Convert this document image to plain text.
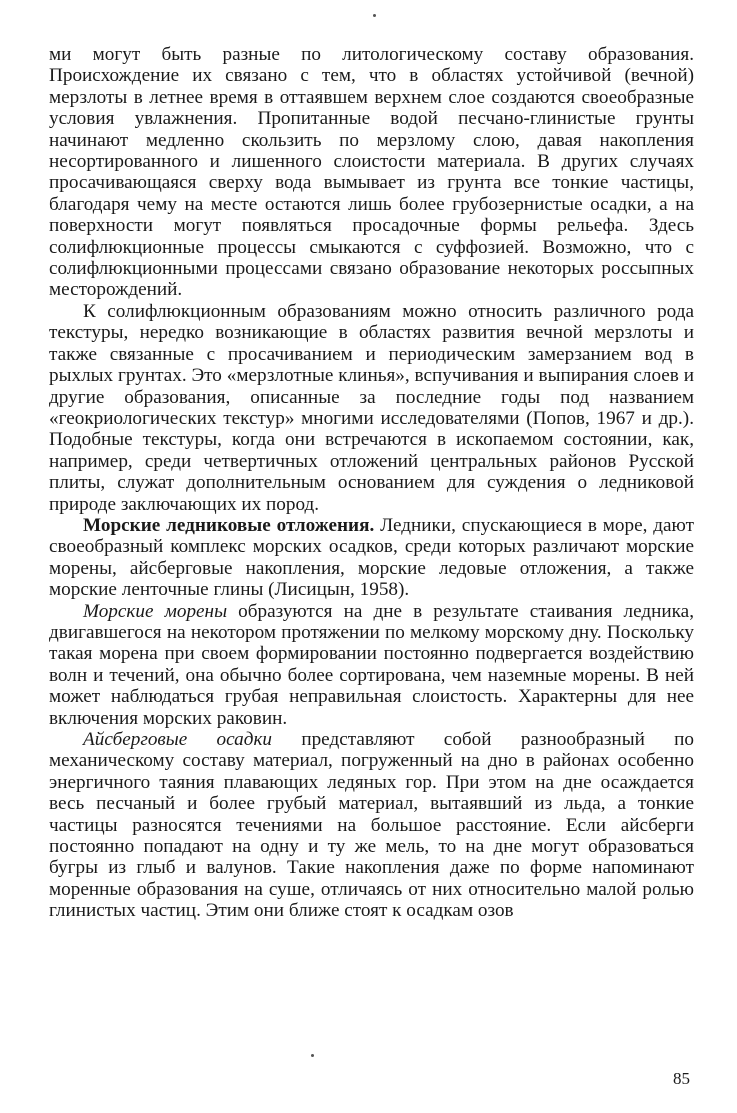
ми могут быть разные по литологическому составу образования. Происхождение их связано с тем, что в областях устойчивой (вечной) мерзлоты в летнее время в оттаявшем верхнем слое создаются своеобразные условия увлажнения. Пропитанные водой песчано-глинистые грунты начинают медленно скользить по мерзлому слою, давая накопления несортированного и лишенного слоистости материала. В других случаях просачивающаяся сверху вода вымывает из грунта все тонкие частицы, благодаря чему на месте остаются лишь более грубозернистые осадки, а на поверхности могут появляться просадочные формы рельефа. Здесь солифлюкционные процессы смыкаются с суффозией. Возможно, что с солифлюкционными процессами связано образование некоторых россыпных месторождений.

К солифлюкционным образованиям можно относить различного рода текстуры, нередко возникающие в областях развития вечной мерзлоты и также связанные с просачиванием и периодическим замерзанием вод в рыхлых грунтах. Это «мерзлотные клинья», вспучивания и выпирания слоев и другие образования, описанные за последние годы под названием «геокриологических текстур» многими исследователями (Попов, 1967 и др.). Подобные текстуры, когда они встречаются в ископаемом состоянии, как, например, среди четвертичных отложений центральных районов Русской плиты, служат дополнительным основанием для суждения о ледниковой природе заключающих их пород.

Морские ледниковые отложения. Ледники, спускающиеся в море, дают своеобразный комплекс морских осадков, среди которых различают морские морены, айсберговые накопления, морские ледовые отложения, а также морские ленточные глины (Лисицын, 1958).

Морские морены образуются на дне в результате стаивания ледника, двигавшегося на некотором протяжении по мелкому морскому дну. Поскольку такая морена при своем формировании постоянно подвергается воздействию волн и течений, она обычно более сортирована, чем наземные морены. В ней может наблюдаться грубая неправильная слоистость. Характерны для нее включения морских раковин.

Айсберговые осадки представляют собой разнообразный по механическому составу материал, погруженный на дно в районах особенно энергичного таяния плавающих ледяных гор. При этом на дне осаждается весь песчаный и более грубый материал, вытаявший из льда, а тонкие частицы разносятся течениями на большое расстояние. Если айсберги постоянно попадают на одну и ту же мель, то на дне могут образоваться бугры из глыб и валунов. Такие накопления даже по форме напоминают моренные образования на суше, отличаясь от них относительно малой ролью глинистых частиц. Этим они ближе стоят к осадкам озов

85
